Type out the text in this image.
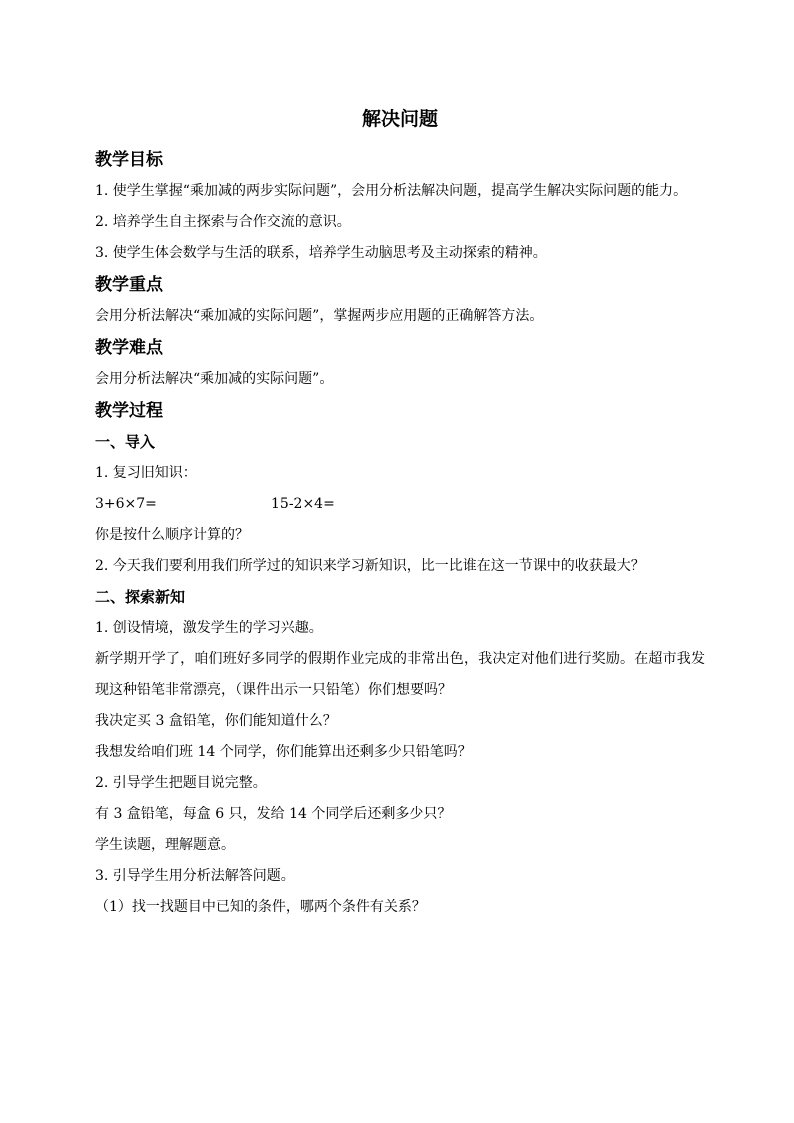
解决问题
教学目标
1. 使学生掌握“乘加减的两步实际问题”，会用分析法解决问题，提高学生解决实际问题的能力。
2. 培养学生自主探索与合作交流的意识。
3. 使学生体会数学与生活的联系，培养学生动脑思考及主动探索的精神。
教学重点
会用分析法解决“乘加减的实际问题”，掌握两步应用题的正确解答方法。
教学难点
会用分析法解决“乘加减的实际问题”。
教学过程
一、导入
1. 复习旧知识：
3+6×7=	15-2×4=
你是按什么顺序计算的？
2. 今天我们要利用我们所学过的知识来学习新知识，比一比谁在这一节课中的收获最大？
二、探索新知
1. 创设情境，激发学生的学习兴趣。
新学期开学了，咱们班好多同学的假期作业完成的非常出色，我决定对他们进行奖励。在超市我发现这种铅笔非常漂亮，（课件出示一只铅笔）你们想要吗？
我决定买 3 盒铅笔，你们能知道什么？
我想发给咱们班 14 个同学，你们能算出还剩多少只铅笔吗？
2. 引导学生把题目说完整。
有 3 盒铅笔，每盒 6 只，发给 14 个同学后还剩多少只？
学生读题，理解题意。
3. 引导学生用分析法解答问题。
（1）找一找题目中已知的条件，哪两个条件有关系？
